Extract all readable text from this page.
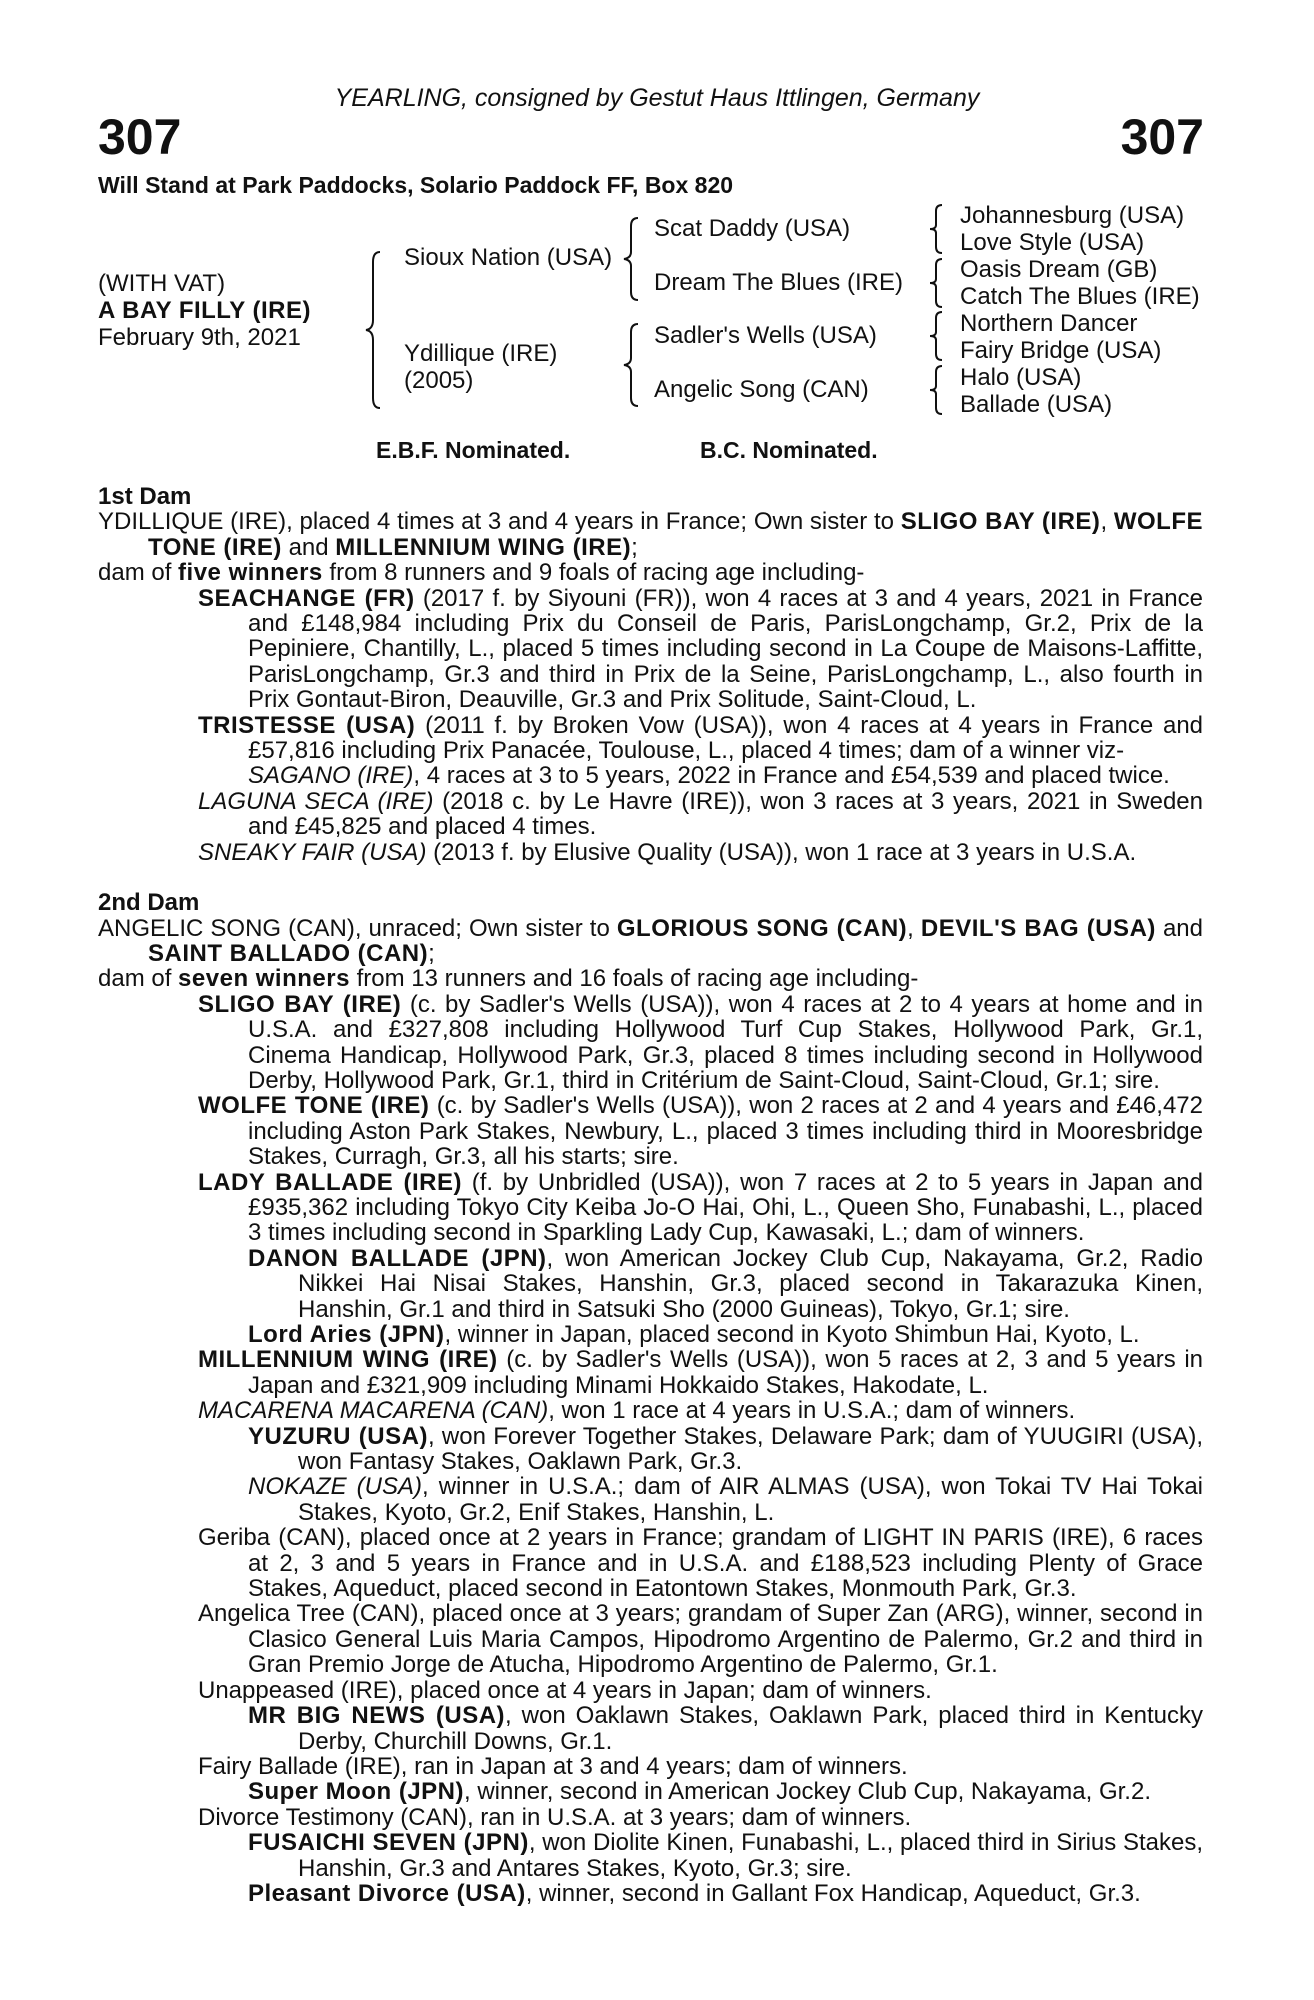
YEARLING, consigned by Gestut Haus Ittlingen, Germany
307	307
Will Stand at Park Paddocks, Solario Paddock FF, Box 820
(WITH VAT)
A BAY FILLY (IRE)
February 9th, 2021
Sioux Nation (USA)
Ydillique (IRE)
(2005)
Scat Daddy (USA)
Dream The Blues (IRE)
Sadler's Wells (USA)
Angelic Song (CAN)
Johannesburg (USA)
Love Style (USA)
Oasis Dream (GB)
Catch The Blues (IRE)
Northern Dancer
Fairy Bridge (USA)
Halo (USA)
Ballade (USA)
E.B.F. Nominated.	B.C. Nominated.
1st Dam
YDILLIQUE (IRE), placed 4 times at 3 and 4 years in France; Own sister to SLIGO BAY (IRE), WOLFE TONE (IRE) and MILLENNIUM WING (IRE);
dam of five winners from 8 runners and 9 foals of racing age including-
SEACHANGE (FR) (2017 f. by Siyouni (FR)), won 4 races at 3 and 4 years, 2021 in France and £148,984 including Prix du Conseil de Paris, ParisLongchamp, Gr.2, Prix de la Pepiniere, Chantilly, L., placed 5 times including second in La Coupe de Maisons-Laffitte, ParisLongchamp, Gr.3 and third in Prix de la Seine, ParisLongchamp, L., also fourth in Prix Gontaut-Biron, Deauville, Gr.3 and Prix Solitude, Saint-Cloud, L.
TRISTESSE (USA) (2011 f. by Broken Vow (USA)), won 4 races at 4 years in France and £57,816 including Prix Panacée, Toulouse, L., placed 4 times; dam of a winner viz-
SAGANO (IRE), 4 races at 3 to 5 years, 2022 in France and £54,539 and placed twice.
LAGUNA SECA (IRE) (2018 c. by Le Havre (IRE)), won 3 races at 3 years, 2021 in Sweden and £45,825 and placed 4 times.
SNEAKY FAIR (USA) (2013 f. by Elusive Quality (USA)), won 1 race at 3 years in U.S.A.
2nd Dam
ANGELIC SONG (CAN), unraced; Own sister to GLORIOUS SONG (CAN), DEVIL'S BAG (USA) and SAINT BALLADO (CAN);
dam of seven winners from 13 runners and 16 foals of racing age including-
SLIGO BAY (IRE) (c. by Sadler's Wells (USA)), won 4 races at 2 to 4 years at home and in U.S.A. and £327,808 including Hollywood Turf Cup Stakes, Hollywood Park, Gr.1, Cinema Handicap, Hollywood Park, Gr.3, placed 8 times including second in Hollywood Derby, Hollywood Park, Gr.1, third in Critérium de Saint-Cloud, Saint-Cloud, Gr.1; sire.
WOLFE TONE (IRE) (c. by Sadler's Wells (USA)), won 2 races at 2 and 4 years and £46,472 including Aston Park Stakes, Newbury, L., placed 3 times including third in Mooresbridge Stakes, Curragh, Gr.3, all his starts; sire.
LADY BALLADE (IRE) (f. by Unbridled (USA)), won 7 races at 2 to 5 years in Japan and £935,362 including Tokyo City Keiba Jo-O Hai, Ohi, L., Queen Sho, Funabashi, L., placed 3 times including second in Sparkling Lady Cup, Kawasaki, L.; dam of winners.
DANON BALLADE (JPN), won American Jockey Club Cup, Nakayama, Gr.2, Radio Nikkei Hai Nisai Stakes, Hanshin, Gr.3, placed second in Takarazuka Kinen, Hanshin, Gr.1 and third in Satsuki Sho (2000 Guineas), Tokyo, Gr.1; sire.
Lord Aries (JPN), winner in Japan, placed second in Kyoto Shimbun Hai, Kyoto, L.
MILLENNIUM WING (IRE) (c. by Sadler's Wells (USA)), won 5 races at 2, 3 and 5 years in Japan and £321,909 including Minami Hokkaido Stakes, Hakodate, L.
MACARENA MACARENA (CAN), won 1 race at 4 years in U.S.A.; dam of winners.
YUZURU (USA), won Forever Together Stakes, Delaware Park; dam of YUUGIRI (USA), won Fantasy Stakes, Oaklawn Park, Gr.3.
NOKAZE (USA), winner in U.S.A.; dam of AIR ALMAS (USA), won Tokai TV Hai Tokai Stakes, Kyoto, Gr.2, Enif Stakes, Hanshin, L.
Geriba (CAN), placed once at 2 years in France; grandam of LIGHT IN PARIS (IRE), 6 races at 2, 3 and 5 years in France and in U.S.A. and £188,523 including Plenty of Grace Stakes, Aqueduct, placed second in Eatontown Stakes, Monmouth Park, Gr.3.
Angelica Tree (CAN), placed once at 3 years; grandam of Super Zan (ARG), winner, second in Clasico General Luis Maria Campos, Hipodromo Argentino de Palermo, Gr.2 and third in Gran Premio Jorge de Atucha, Hipodromo Argentino de Palermo, Gr.1.
Unappeased (IRE), placed once at 4 years in Japan; dam of winners.
MR BIG NEWS (USA), won Oaklawn Stakes, Oaklawn Park, placed third in Kentucky Derby, Churchill Downs, Gr.1.
Fairy Ballade (IRE), ran in Japan at 3 and 4 years; dam of winners.
Super Moon (JPN), winner, second in American Jockey Club Cup, Nakayama, Gr.2.
Divorce Testimony (CAN), ran in U.S.A. at 3 years; dam of winners.
FUSAICHI SEVEN (JPN), won Diolite Kinen, Funabashi, L., placed third in Sirius Stakes, Hanshin, Gr.3 and Antares Stakes, Kyoto, Gr.3; sire.
Pleasant Divorce (USA), winner, second in Gallant Fox Handicap, Aqueduct, Gr.3.
